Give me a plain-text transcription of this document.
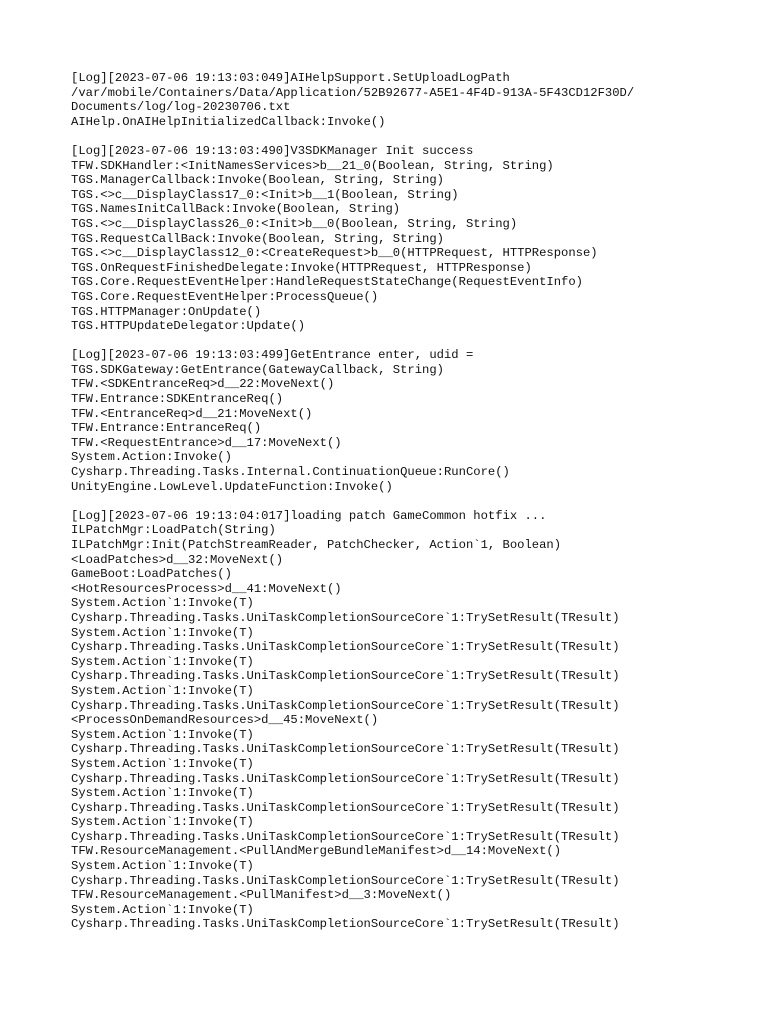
[Log][2023-07-06 19:13:03:049]AIHelpSupport.SetUploadLogPath
/var/mobile/Containers/Data/Application/52B92677-A5E1-4F4D-913A-5F43CD12F30D/
Documents/log/log-20230706.txt
AIHelp.OnAIHelpInitializedCallback:Invoke()
[Log][2023-07-06 19:13:03:490]V3SDKManager Init success
TFW.SDKHandler:<InitNamesServices>b__21_0(Boolean, String, String)
TGS.ManagerCallback:Invoke(Boolean, String, String)
TGS.<>c__DisplayClass17_0:<Init>b__1(Boolean, String)
TGS.NamesInitCallBack:Invoke(Boolean, String)
TGS.<>c__DisplayClass26_0:<Init>b__0(Boolean, String, String)
TGS.RequestCallBack:Invoke(Boolean, String, String)
TGS.<>c__DisplayClass12_0:<CreateRequest>b__0(HTTPRequest, HTTPResponse)
TGS.OnRequestFinishedDelegate:Invoke(HTTPRequest, HTTPResponse)
TGS.Core.RequestEventHelper:HandleRequestStateChange(RequestEventInfo)
TGS.Core.RequestEventHelper:ProcessQueue()
TGS.HTTPManager:OnUpdate()
TGS.HTTPUpdateDelegator:Update()
[Log][2023-07-06 19:13:03:499]GetEntrance enter, udid =
TGS.SDKGateway:GetEntrance(GatewayCallback, String)
TFW.<SDKEntranceReq>d__22:MoveNext()
TFW.Entrance:SDKEntranceReq()
TFW.<EntranceReq>d__21:MoveNext()
TFW.Entrance:EntranceReq()
TFW.<RequestEntrance>d__17:MoveNext()
System.Action:Invoke()
Cysharp.Threading.Tasks.Internal.ContinuationQueue:RunCore()
UnityEngine.LowLevel.UpdateFunction:Invoke()
[Log][2023-07-06 19:13:04:017]loading patch GameCommon hotfix ...
ILPatchMgr:LoadPatch(String)
ILPatchMgr:Init(PatchStreamReader, PatchChecker, Action`1, Boolean)
<LoadPatches>d__32:MoveNext()
GameBoot:LoadPatches()
<HotResourcesProcess>d__41:MoveNext()
System.Action`1:Invoke(T)
Cysharp.Threading.Tasks.UniTaskCompletionSourceCore`1:TrySetResult(TResult)
System.Action`1:Invoke(T)
Cysharp.Threading.Tasks.UniTaskCompletionSourceCore`1:TrySetResult(TResult)
System.Action`1:Invoke(T)
Cysharp.Threading.Tasks.UniTaskCompletionSourceCore`1:TrySetResult(TResult)
System.Action`1:Invoke(T)
Cysharp.Threading.Tasks.UniTaskCompletionSourceCore`1:TrySetResult(TResult)
<ProcessOnDemandResources>d__45:MoveNext()
System.Action`1:Invoke(T)
Cysharp.Threading.Tasks.UniTaskCompletionSourceCore`1:TrySetResult(TResult)
System.Action`1:Invoke(T)
Cysharp.Threading.Tasks.UniTaskCompletionSourceCore`1:TrySetResult(TResult)
System.Action`1:Invoke(T)
Cysharp.Threading.Tasks.UniTaskCompletionSourceCore`1:TrySetResult(TResult)
System.Action`1:Invoke(T)
Cysharp.Threading.Tasks.UniTaskCompletionSourceCore`1:TrySetResult(TResult)
TFW.ResourceManagement.<PullAndMergeBundleManifest>d__14:MoveNext()
System.Action`1:Invoke(T)
Cysharp.Threading.Tasks.UniTaskCompletionSourceCore`1:TrySetResult(TResult)
TFW.ResourceManagement.<PullManifest>d__3:MoveNext()
System.Action`1:Invoke(T)
Cysharp.Threading.Tasks.UniTaskCompletionSourceCore`1:TrySetResult(TResult)
